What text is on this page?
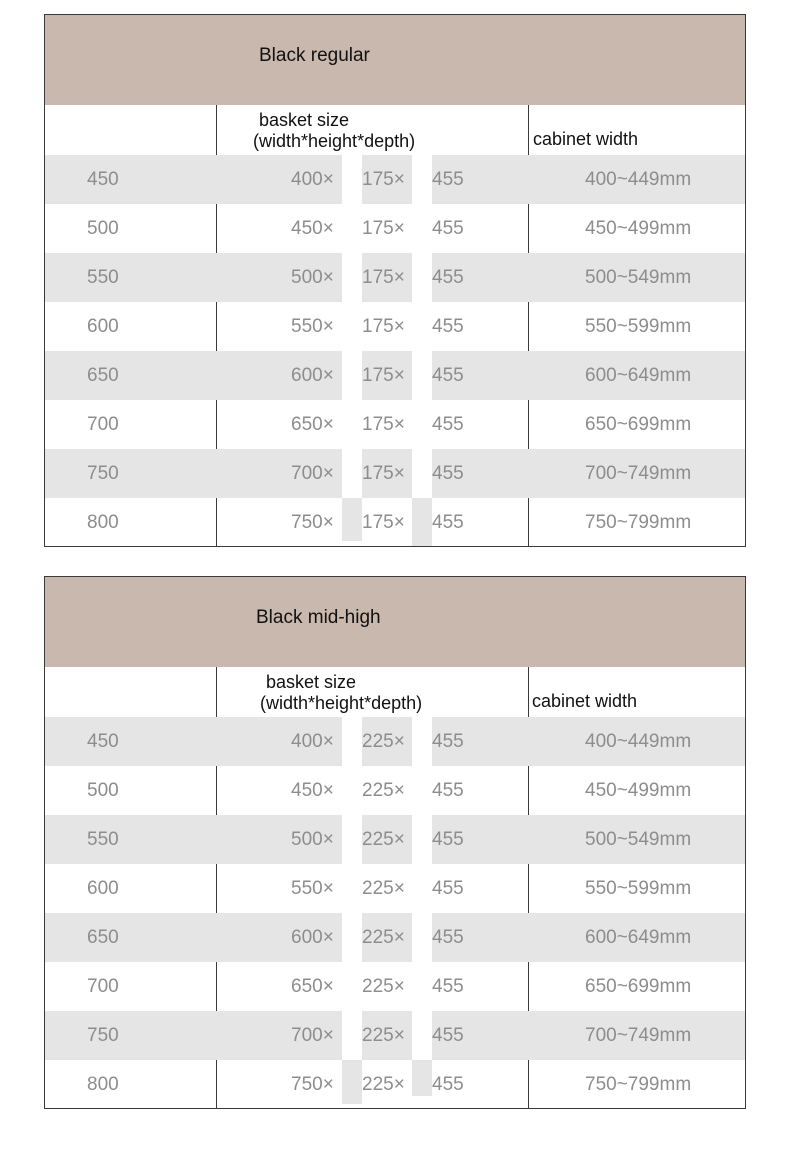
Black regular
basket size
(width*height*depth)	cabinet width
450	400× 175× 455	400~449mm
500	450× 175× 455	450~499mm
550	500× 175× 455	500~549mm
600	550× 175× 455	550~599mm
650	600× 175× 455	600~649mm
700	650× 175× 455	650~699mm
750	700× 175× 455	700~749mm
800	750× 175× 455	750~799mm
Black mid-high
basket size
(width*height*depth)	cabinet width
450	400× 225× 455	400~449mm
500	450× 225× 455	450~499mm
550	500× 225× 455	500~549mm
600	550× 225× 455	550~599mm
650	600× 225× 455	600~649mm
700	650× 225× 455	650~699mm
750	700× 225× 455	700~749mm
800	750× 225× 455	750~799mm
